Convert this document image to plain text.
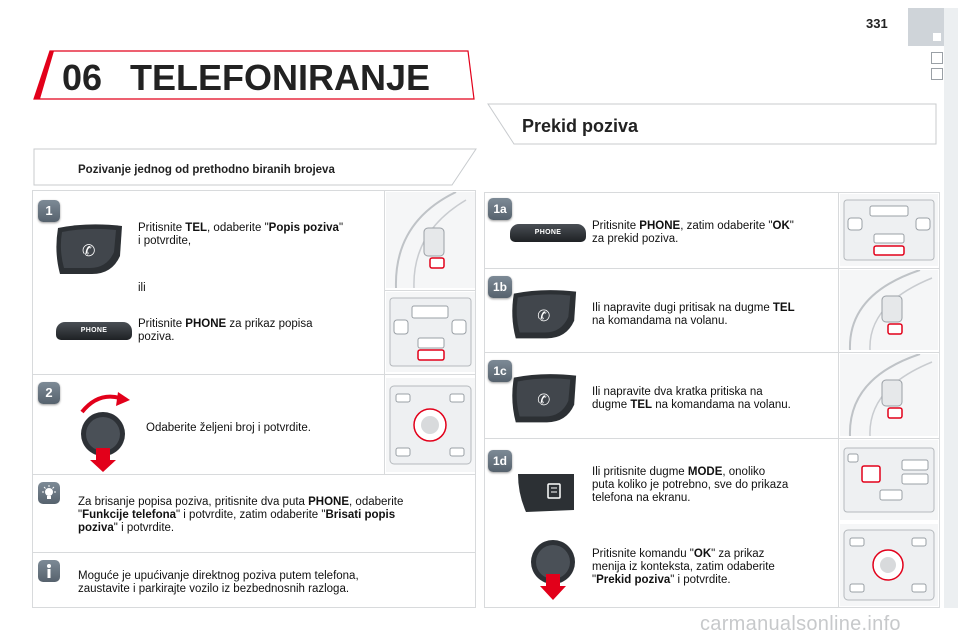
331
06 TELEFONIRANJE
Prekid poziva
Pozivanje jednog od prethodno biranih brojeva
1
✆
Pritisnite TEL, odaberite "Popis poziva"
i potvrdite,
ili
PHONE
Pritisnite PHONE za prikaz popisa
poziva.
2
Odaberite željeni broj i potvrdite.
Za brisanje popisa poziva, pritisnite dva puta PHONE, odaberite
"Funkcije telefona" i potvrdite, zatim odaberite "Brisati popis
poziva" i potvrdite.
Moguće je upućivanje direktnog poziva putem telefona,
zaustavite i parkirajte vozilo iz bezbednosnih razloga.
1a
PHONE
Pritisnite PHONE, zatim odaberite "OK"
za prekid poziva.
1b
✆	Ili napravite dugi pritisak na dugme TEL
na komandama na volanu.
1c
✆	Ili napravite dva kratka pritiska na
dugme TEL na komandama na volanu.
1d
Ili pritisnite dugme MODE, onoliko
puta koliko je potrebno, sve do prikaza
telefona na ekranu.
Pritisnite komandu "OK" za prikaz
menija iz konteksta, zatim odaberite
"Prekid poziva" i potvrdite.
carmanualsonline.info
